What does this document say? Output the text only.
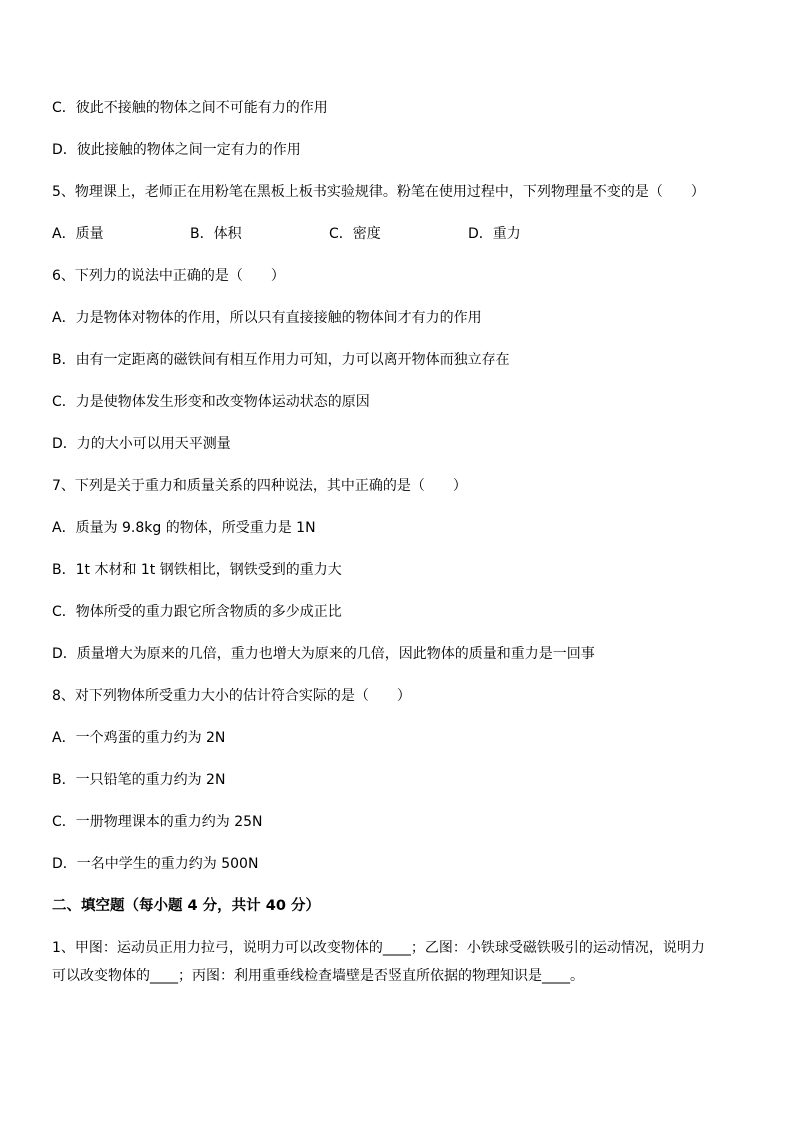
C．彼此不接触的物体之间不可能有力的作用
D．彼此接触的物体之间一定有力的作用
5、物理课上，老师正在用粉笔在黑板上板书实验规律。粉笔在使用过程中，下列物理量不变的是（　　）
A．质量	B．体积	C．密度	D．重力
6、下列力的说法中正确的是（　　）
A．力是物体对物体的作用，所以只有直接接触的物体间才有力的作用
B．由有一定距离的磁铁间有相互作用力可知，力可以离开物体而独立存在
C．力是使物体发生形变和改变物体运动状态的原因
D．力的大小可以用天平测量
7、下列是关于重力和质量关系的四种说法，其中正确的是（　　）
A．质量为 9.8kg 的物体，所受重力是 1N
B．1t 木材和 1t 钢铁相比，钢铁受到的重力大
C．物体所受的重力跟它所含物质的多少成正比
D．质量增大为原来的几倍，重力也增大为原来的几倍，因此物体的质量和重力是一回事
8、对下列物体所受重力大小的估计符合实际的是（　　）
A．一个鸡蛋的重力约为 2N
B．一只铅笔的重力约为 2N
C．一册物理课本的重力约为 25N
D．一名中学生的重力约为 500N
二、填空题（每小题 4 分，共计 40 分）
1、甲图：运动员正用力拉弓，说明力可以改变物体的____；乙图：小铁球受磁铁吸引的运动情况，说明力
可以改变物体的____；丙图：利用重垂线检查墙壁是否竖直所依据的物理知识是____。
